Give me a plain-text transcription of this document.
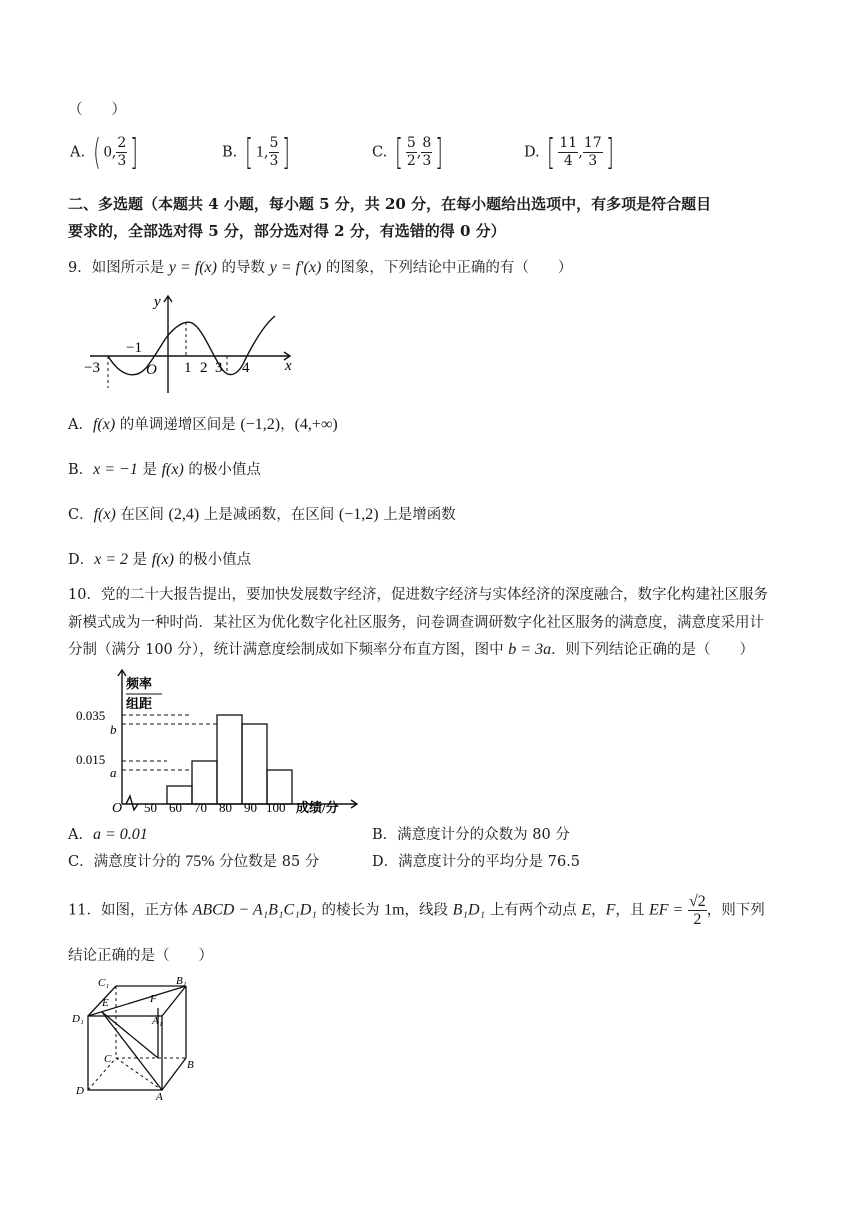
（　　）
A. ( 0, $\frac{2}{3}$ ]	B. [ 1, $\frac{5}{3}$ ]	C. [ $\frac{5}{2}$ , $\frac{8}{3}$ ]	D. [ $\frac{11}{4}$ , $\frac{17}{3}$ ]
二、多选题（本题共 4 小题，每小题 5 分，共 20 分，在每小题给出选项中，有多项是符合题目
要求的，全部选对得 5 分，部分选对得 2 分，有选错的得 0 分）
9．如图所示是 y = f(x) 的导数 y = f′(x) 的图象，下列结论中正确的有（　　）
y
x
O
−3
−1
1 2 3 4
A．f(x) 的单调递增区间是 (−1,2)，(4,+∞)
B．x = −1 是 f(x) 的极小值点
C．f(x) 在区间 (2,4) 上是减函数，在区间 (−1,2) 上是增函数
D．x = 2 是 f(x) 的极小值点
10．党的二十大报告提出，要加快发展数字经济，促进数字经济与实体经济的深度融合，数字化构建社区服务
新模式成为一种时尚．某社区为优化数字化社区服务，问卷调查调研数字化社区服务的满意度，满意度采用计
分制（满分 100 分），统计满意度绘制成如下频率分布直方图，图中 b = 3a．则下列结论正确的是（　　）
频率
组距
0.035
b
0.015
a
O 50 60 70 80 90 100 成绩/分
A．a = 0.01	B．满意度计分的众数为 80 分
C．满意度计分的 75% 分位数是 85 分	D．满意度计分的平均分是 76.5
11．如图，正方体 ABCD − A₁B₁C₁D₁ 的棱长为 1m，线段 B₁D₁ 上有两个动点 E，F，且 EF = $\frac{√2}{2}$ ，则下列
结论正确的是（　　）
C₁	B₁
D₁	A₁
E	F
C	B
D	A
